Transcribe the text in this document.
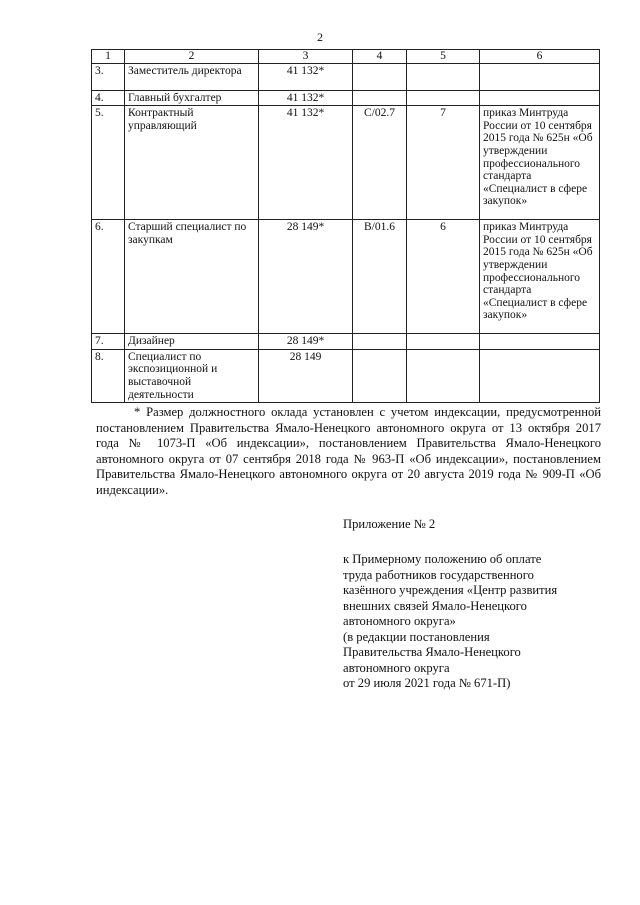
2
1	2	3	4	5	6
3.	Заместитель директора	41 132*			
4.	Главный бухгалтер	41 132*			
5.	Контрактный управляющий	41 132*	С/02.7	7	приказ Минтруда России от 10 сентября 2015 года № 625н «Об утверждении профессионального стандарта «Специалист в сфере закупок»
6.	Старший специалист по закупкам	28 149*	В/01.6	6	приказ Минтруда России от 10 сентября 2015 года № 625н «Об утверждении профессионального стандарта «Специалист в сфере закупок»
7.	Дизайнер	28 149*			
8.	Специалист по экспозиционной и выставочной деятельности	28 149			
* Размер должностного оклада установлен с учетом индексации, предусмотренной постановлением Правительства Ямало-Ненецкого автономного округа от 13 октября 2017 года № 1073-П «Об индексации», постановлением Правительства Ямало-Ненецкого автономного округа от 07 сентября 2018 года № 963-П «Об индексации», постановлением Правительства Ямало-Ненецкого автономного округа от 20 августа 2019 года № 909-П «Об индексации».
Приложение № 2
к Примерному положению об оплате
труда работников государственного
казённого учреждения «Центр развития
внешних связей Ямало-Ненецкого
автономного округа»
(в редакции постановления
Правительства Ямало-Ненецкого
автономного округа
от 29 июля 2021 года № 671-П)
